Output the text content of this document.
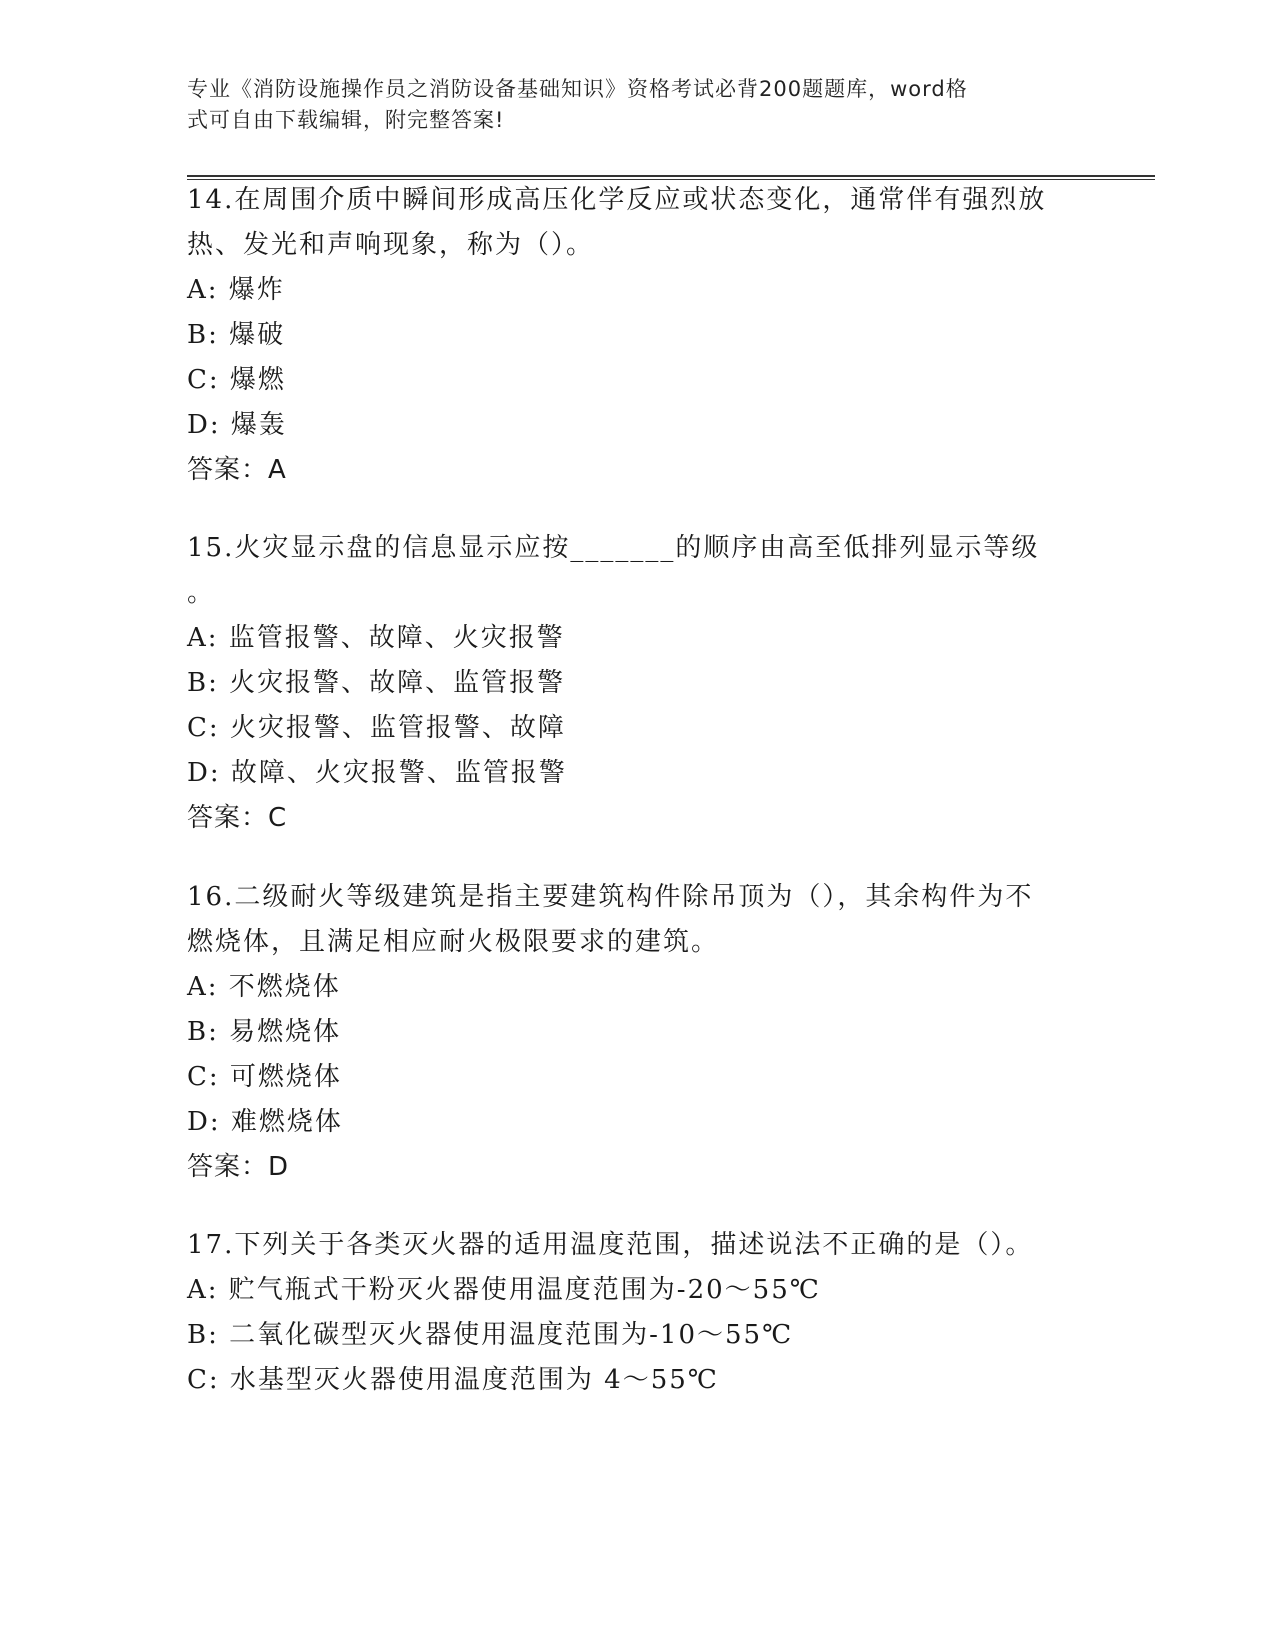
专业《消防设施操作员之消防设备基础知识》资格考试必背200题题库，word格
式可自由下载编辑，附完整答案!

14.在周围介质中瞬间形成高压化学反应或状态变化，通常伴有强烈放

热、发光和声响现象，称为（）。

A: 爆炸

B: 爆破

C: 爆燃

D: 爆轰

答案：A

15.火灾显示盘的信息显示应按_______的顺序由高至低排列显示等级

。

A: 监管报警、故障、火灾报警

B: 火灾报警、故障、监管报警

C: 火灾报警、监管报警、故障

D: 故障、火灾报警、监管报警

答案：C

16.二级耐火等级建筑是指主要建筑构件除吊顶为（），其余构件为不

燃烧体，且满足相应耐火极限要求的建筑。

A: 不燃烧体

B: 易燃烧体

C: 可燃烧体

D: 难燃烧体

答案：D

17.下列关于各类灭火器的适用温度范围，描述说法不正确的是（）。

A: 贮气瓶式干粉灭火器使用温度范围为-20～55℃

B: 二氧化碳型灭火器使用温度范围为-10～55℃

C: 水基型灭火器使用温度范围为 4～55℃
